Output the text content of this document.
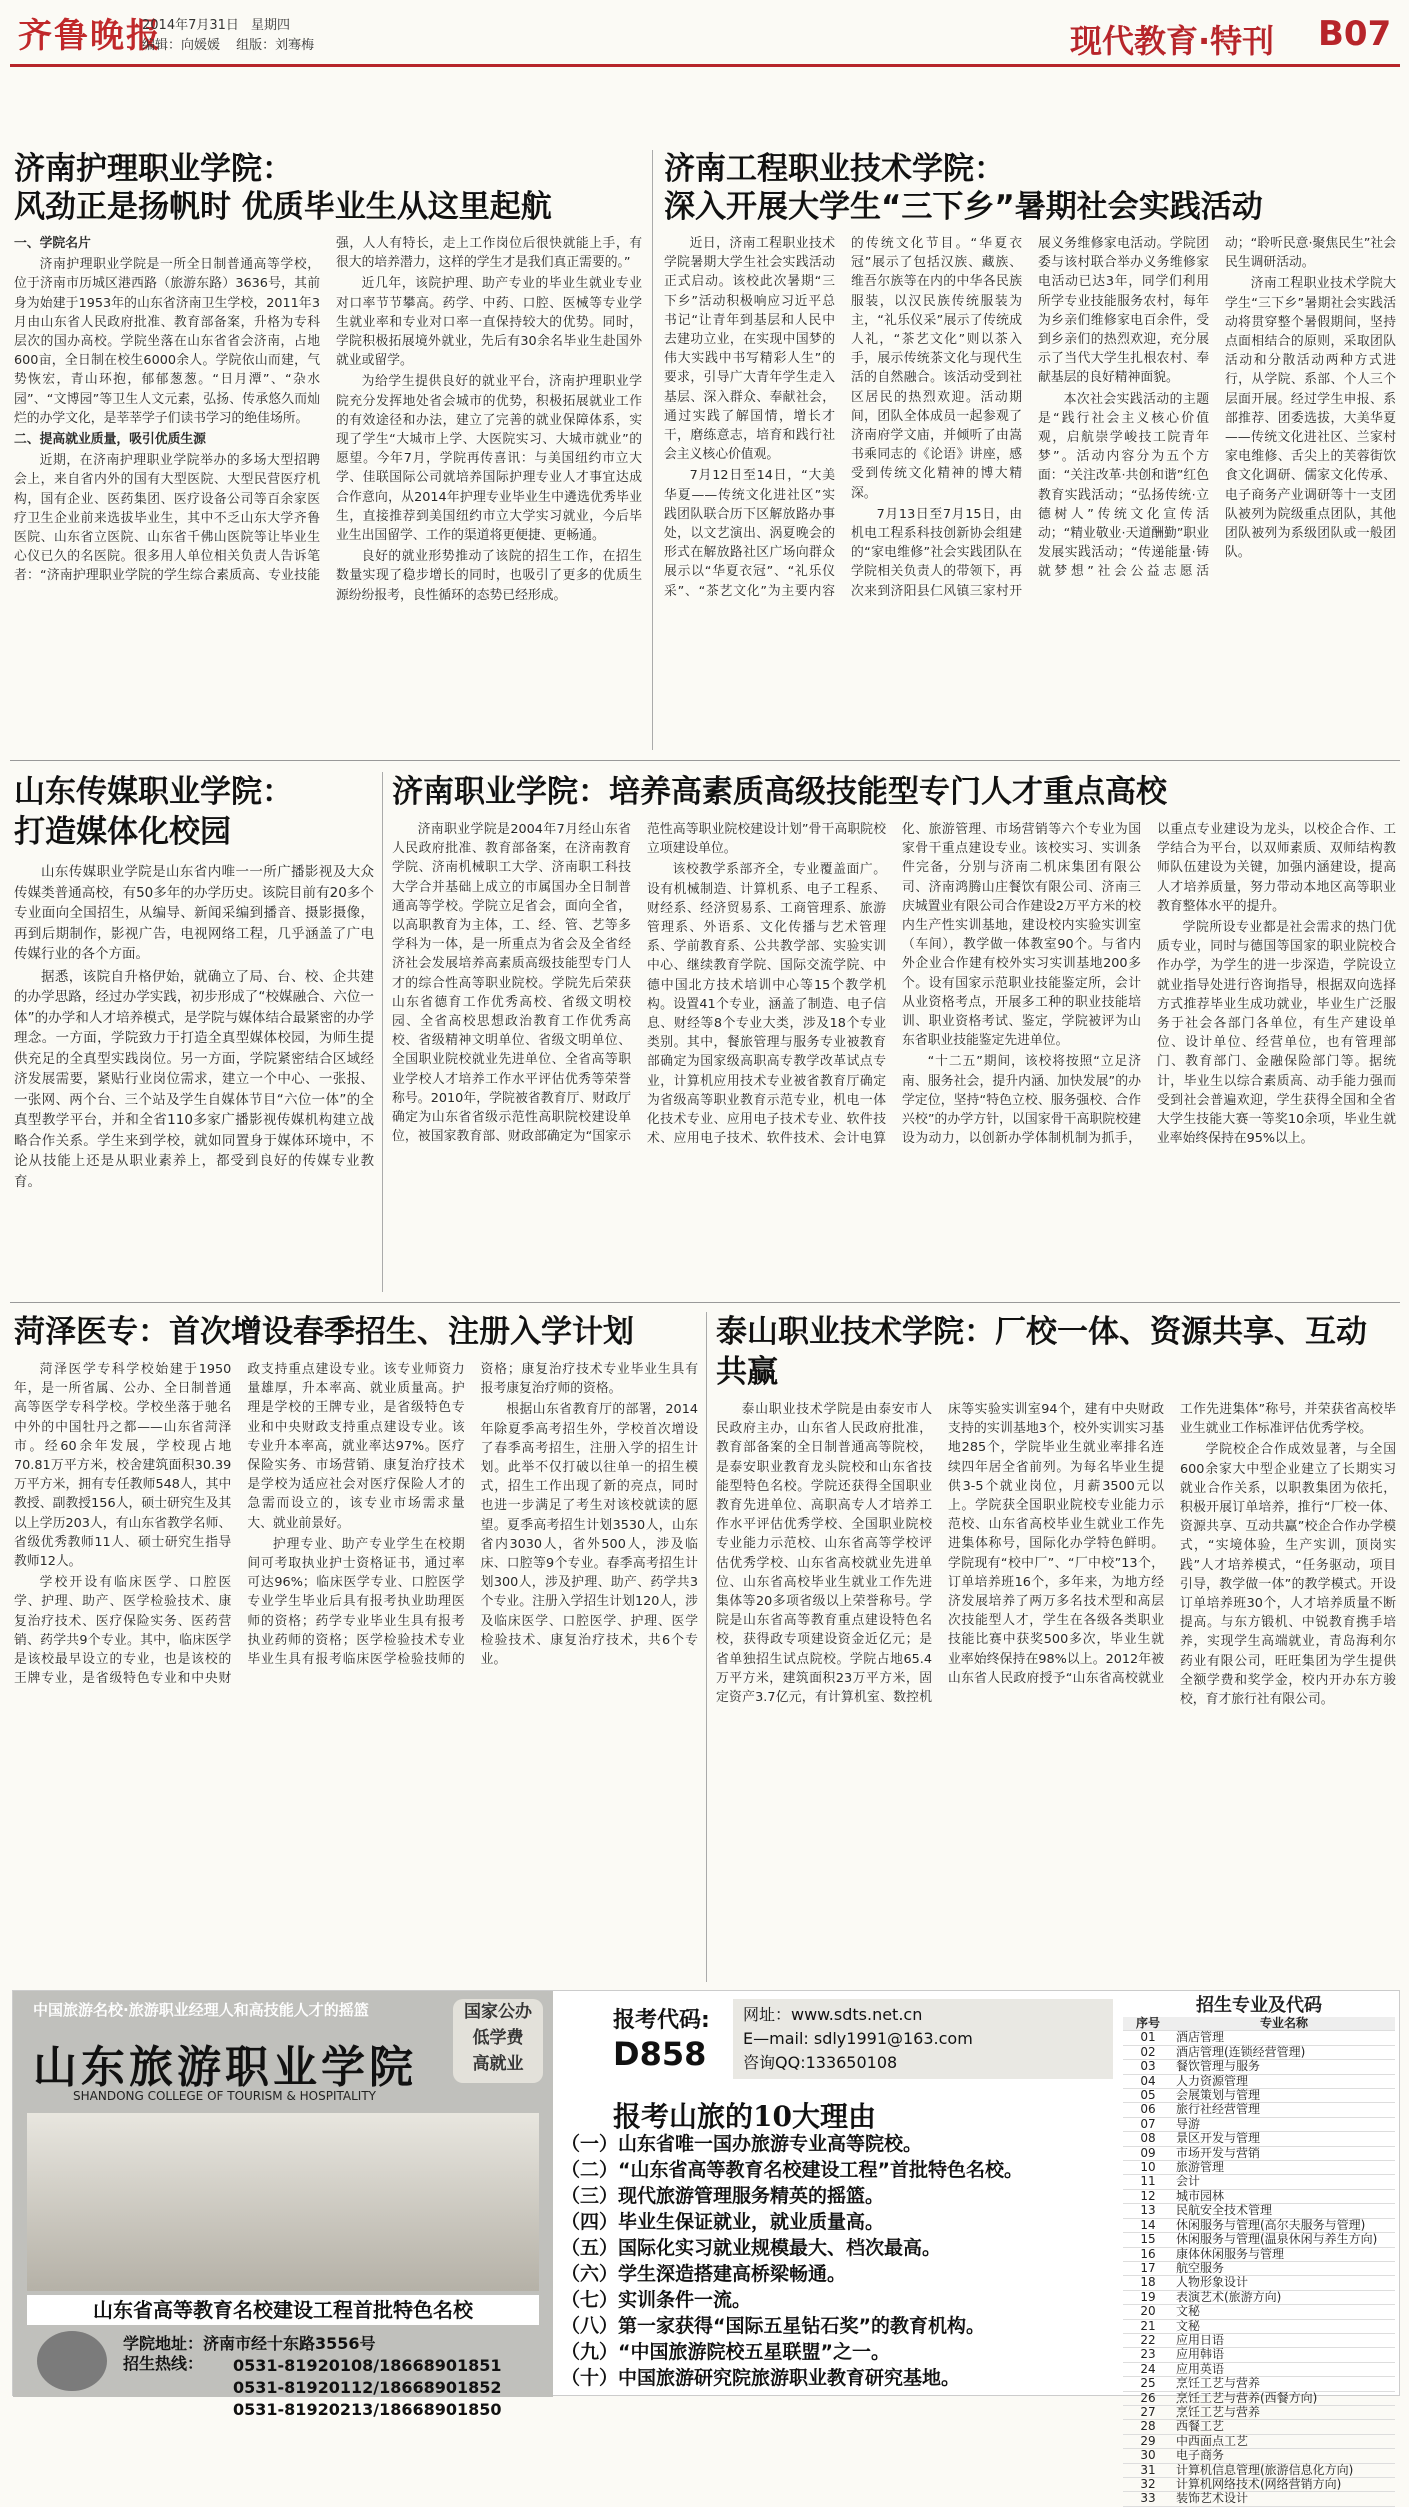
齐鲁晚报
2014年7月31日 星期四
编辑：向媛媛 组版：刘骞梅	现代教育·特刊 B07
济南护理职业学院：
风劲正是扬帆时 优质毕业生从这里起航

一、学院名片

济南护理职业学院是一所全日制普通高等学校，位于济南市历城区港西路（旅游东路）3636号，其前身为始建于1953年的山东省济南卫生学校，2011年3月由山东省人民政府批准、教育部备案，升格为专科层次的国办高校。学院坐落在山东省省会济南，占地600亩，全日制在校生6000余人。学院依山而建，气势恢宏，青山环抱，郁郁葱葱。“日月潭”、“杂水园”、“文博园”等卫生人文元素，弘扬、传承悠久而灿烂的办学文化，是莘莘学子们读书学习的绝佳场所。

二、提高就业质量，吸引优质生源

近期，在济南护理职业学院举办的多场大型招聘会上，来自省内外的国有大型医院、大型民营医疗机构，国有企业、医药集团、医疗设备公司等百余家医疗卫生企业前来选拔毕业生，其中不乏山东大学齐鲁医院、山东省立医院、山东省千佛山医院等让毕业生心仪已久的名医院。很多用人单位相关负责人告诉笔者：“济南护理职业学院的学生综合素质高、专业技能强，人人有特长，走上工作岗位后很快就能上手，有很大的培养潜力，这样的学生才是我们真正需要的。”

近几年，该院护理、助产专业的毕业生就业专业对口率节节攀高。药学、中药、口腔、医械等专业学生就业率和专业对口率一直保持较大的优势。同时，学院积极拓展境外就业，先后有30余名毕业生赴国外就业或留学。

为给学生提供良好的就业平台，济南护理职业学院充分发挥地处省会城市的优势，积极拓展就业工作的有效途径和办法，建立了完善的就业保障体系，实现了学生“大城市上学、大医院实习、大城市就业”的愿望。今年7月，学院再传喜讯：与美国纽约市立大学、佳联国际公司就培养国际护理专业人才事宜达成合作意向，从2014年护理专业毕业生中遴选优秀毕业生，直接推荐到美国纽约市立大学实习就业，今后毕业生出国留学、工作的渠道将更便捷、更畅通。

良好的就业形势推动了该院的招生工作，在招生数量实现了稳步增长的同时，也吸引了更多的优质生源纷纷报考，良性循环的态势已经形成。

济南工程职业技术学院：
深入开展大学生“三下乡”暑期社会实践活动

近日，济南工程职业技术学院暑期大学生社会实践活动正式启动。该校此次暑期“三下乡”活动积极响应习近平总书记“让青年到基层和人民中去建功立业，在实现中国梦的伟大实践中书写精彩人生”的要求，引导广大青年学生走入基层、深入群众、奉献社会，通过实践了解国情，增长才干，磨练意志，培育和践行社会主义核心价值观。

7月12日至14日，“大美华夏——传统文化进社区”实践团队联合历下区解放路办事处，以文艺演出、涡夏晚会的形式在解放路社区广场向群众展示以“华夏衣冠”、“礼乐仪采”、“茶艺文化”为主要内容的传统文化节目。“华夏衣冠”展示了包括汉族、藏族、维吾尔族等在内的中华各民族服装，以汉民族传统服装为主，“礼乐仪采”展示了传统成人礼，“茶艺文化”则以茶入手，展示传统茶文化与现代生活的自然融合。该活动受到社区居民的热烈欢迎。活动期间，团队全体成员一起参观了济南府学文庙，并倾听了由嵩书乘同志的《论语》讲座，感受到传统文化精神的博大精深。

7月13日至7月15日，由机电工程系科技创新协会组建的“家电维修”社会实践团队在学院相关负责人的带领下，再次来到济阳县仁风镇三家村开展义务维修家电活动。学院团委与该村联合举办义务维修家电活动已达3年，同学们利用所学专业技能服务农村，每年为乡亲们维修家电百余件，受到乡亲们的热烈欢迎，充分展示了当代大学生扎根农村、奉献基层的良好精神面貌。

本次社会实践活动的主题是“践行社会主义核心价值观，启航崇学峻技工院青年梦”。活动内容分为五个方面：“关注改革·共创和谐”红色教育实践活动；“弘扬传统·立德树人”传统文化宣传活动；“精业敬业·天道酬勤”职业发展实践活动；“传递能量·铸就梦想”社会公益志愿活动；“聆听民意·聚焦民生”社会民生调研活动。

济南工程职业技术学院大学生“三下乡”暑期社会实践活动将贯穿整个暑假期间，坚持点面相结合的原则，采取团队活动和分散活动两种方式进行，从学院、系部、个人三个层面开展。经过学生申报、系部推荐、团委选拔，大美华夏——传统文化进社区、兰家村家电维修、舌尖上的芙蓉街饮食文化调研、儒家文化传承、电子商务产业调研等十一支团队被列为院级重点团队，其他团队被列为系级团队或一般团队。

山东传媒职业学院：
打造媒体化校园

山东传媒职业学院是山东省内唯一一所广播影视及大众传媒类普通高校，有50多年的办学历史。该院目前有20多个专业面向全国招生，从编导、新闻采编到播音、摄影摄像，再到后期制作，影视广告，电视网络工程，几乎涵盖了广电传媒行业的各个方面。

据悉，该院自升格伊始，就确立了局、台、校、企共建的办学思路，经过办学实践，初步形成了“校媒融合、六位一体”的办学和人才培养模式，是学院与媒体结合最紧密的办学理念。一方面，学院致力于打造全真型媒体校园，为师生提供充足的全真型实践岗位。另一方面，学院紧密结合区域经济发展需要，紧贴行业岗位需求，建立一个中心、一张报、一张网、两个台、三个站及学生自媒体节目“六位一体”的全真型教学平台，并和全省110多家广播影视传媒机构建立战略合作关系。学生来到学校，就如同置身于媒体环境中，不论从技能上还是从职业素养上，都受到良好的传媒专业教育。

济南职业学院：培养高素质高级技能型专门人才重点高校

济南职业学院是2004年7月经山东省人民政府批准、教育部备案，在济南教育学院、济南机械职工大学、济南职工科技大学合并基础上成立的市属国办全日制普通高等学校。学院立足省会，面向全省，以高职教育为主体，工、经、管、艺等多学科为一体，是一所重点为省会及全省经济社会发展培养高素质高级技能型专门人才的综合性高等职业院校。学院先后荣获山东省德育工作优秀高校、省级文明校园、全省高校思想政治教育工作优秀高校、省级精神文明单位、省级文明单位、全国职业院校就业先进单位、全省高等职业学校人才培养工作水平评估优秀等荣誉称号。2010年，学院被省教育厅、财政厅确定为山东省省级示范性高职院校建设单位，被国家教育部、财政部确定为“国家示范性高等职业院校建设计划”骨干高职院校立项建设单位。

该校教学系部齐全，专业覆盖面广。设有机械制造、计算机系、电子工程系、财经系、经济贸易系、工商管理系、旅游管理系、外语系、文化传播与艺术管理系、学前教育系、公共教学部、实验实训中心、继续教育学院、国际交流学院、中德中国北方技术培训中心等15个教学机构。设置41个专业，涵盖了制造、电子信息、财经等8个专业大类，涉及18个专业类别。其中，餐旅管理与服务专业被教育部确定为国家级高职高专教学改革试点专业，计算机应用技术专业被省教育厅确定为省级高等职业教育示范专业，机电一体化技术专业、应用电子技术专业、软件技术、应用电子技术、软件技术、会计电算化、旅游管理、市场营销等六个专业为国家骨干重点建设专业。该校实习、实训条件完备，分别与济南二机床集团有限公司、济南鸿腾山庄餐饮有限公司、济南三庆城置业有限公司合作建设2万平方米的校内生产性实训基地，建设校内实验实训室（车间），教学做一体教室90个。与省内外企业合作建有校外实习实训基地200多个。设有国家示范职业技能鉴定所，会计从业资格考点，开展多工种的职业技能培训、职业资格考试、鉴定，学院被评为山东省职业技能鉴定先进单位。

“十二五”期间，该校将按照“立足济南、服务社会，提升内涵、加快发展”的办学定位，坚持“特色立校、服务强校、合作兴校”的办学方针，以国家骨干高职院校建设为动力，以创新办学体制机制为抓手，以重点专业建设为龙头，以校企合作、工学结合为平台，以双师素质、双师结构教师队伍建设为关键，加强内涵建设，提高人才培养质量，努力带动本地区高等职业教育整体水平的提升。

学院所设专业都是社会需求的热门优质专业，同时与德国等国家的职业院校合作办学，为学生的进一步深造，学院设立就业指导处进行咨询指导，根据双向选择方式推荐毕业生成功就业，毕业生广泛服务于社会各部门各单位，有生产建设单位、设计单位、经营单位，也有管理部门、教育部门、金融保险部门等。据统计，毕业生以综合素质高、动手能力强而受到社会普遍欢迎，学生获得全国和全省大学生技能大赛一等奖10余项，毕业生就业率始终保持在95%以上。

菏泽医专：首次增设春季招生、注册入学计划

菏泽医学专科学校始建于1950年，是一所省属、公办、全日制普通高等医学专科学校。学校坐落于驰名中外的中国牡丹之都——山东省菏泽市。经60余年发展，学校现占地70.81万平方米，校舍建筑面积30.39万平方米，拥有专任教师548人，其中教授、副教授156人，硕士研究生及其以上学历203人，有山东省教学名师、省级优秀教师11人、硕士研究生指导教师12人。

学校开设有临床医学、口腔医学、护理、助产、医学检验技术、康复治疗技术、医疗保险实务、医药营销、药学共9个专业。其中，临床医学是该校最早设立的专业，也是该校的王牌专业，是省级特色专业和中央财政支持重点建设专业。该专业师资力量雄厚，升本率高、就业质量高。护理是学校的王牌专业，是省级特色专业和中央财政支持重点建设专业。该专业升本率高，就业率达97%。医疗保险实务、市场营销、康复治疗技术是学校为适应社会对医疗保险人才的急需而设立的，该专业市场需求量大、就业前景好。

护理专业、助产专业学生在校期间可考取执业护士资格证书，通过率可达96%；临床医学专业、口腔医学专业学生毕业后具有报考执业助理医师的资格；药学专业毕业生具有报考执业药师的资格；医学检验技术专业毕业生具有报考临床医学检验技师的资格；康复治疗技术专业毕业生具有报考康复治疗师的资格。

根据山东省教育厅的部署，2014年除夏季高考招生外，学校首次增设了春季高考招生，注册入学的招生计划。此举不仅打破以往单一的招生模式，招生工作出现了新的亮点，同时也进一步满足了考生对该校就读的愿望。夏季高考招生计划3530人，山东省内3030人，省外500人，涉及临床、口腔等9个专业。春季高考招生计划300人，涉及护理、助产、药学共3个专业。注册入学招生计划120人，涉及临床医学、口腔医学、护理、医学检验技术、康复治疗技术，共6个专业。

泰山职业技术学院：厂校一体、资源共享、互动共赢

泰山职业技术学院是由泰安市人民政府主办，山东省人民政府批准，教育部备案的全日制普通高等院校，是泰安职业教育龙头院校和山东省技能型特色名校。学院还获得全国职业教育先进单位、高职高专人才培养工作水平评估优秀学校、全国职业院校专业能力示范校、山东省高等学校评估优秀学校、山东省高校就业先进单位、山东省高校毕业生就业工作先进集体等20多项省级以上荣誉称号。学院是山东省高等教育重点建设特色名校，获得政专项建设资金近亿元；是省单独招生试点院校。学院占地65.4万平方米，建筑面积23万平方米，固定资产3.7亿元，有计算机室、数控机床等实验实训室94个，建有中央财政支持的实训基地3个，校外实训实习基地285个，学院毕业生就业率排名连续四年居全省前列。为每名毕业生提供3-5个就业岗位，月薪3500元以上。学院获全国职业院校专业能力示范校、山东省高校毕业生就业工作先进集体称号，国际化办学特色鲜明。学院现有“校中厂”、“厂中校”13个，订单培养班16个，多年来，为地方经济发展培养了两万多名技术型和高层次技能型人才，学生在各级各类职业技能比赛中获奖500多次，毕业生就业率始终保持在98%以上。2012年被山东省人民政府授予“山东省高校就业工作先进集体”称号，并荣获省高校毕业生就业工作标准评估优秀学校。

学院校企合作成效显著，与全国600余家大中型企业建立了长期实习就业合作关系，以职教集团为依托，积极开展订单培养，推行“厂校一体、资源共享、互动共赢”校企合作办学模式，“实境体验，生产实训，顶岗实践”人才培养模式，“任务驱动，项目引导，教学做一体”的教学模式。开设订单培养班30个，人才培养质量不断提高。与东方锻机、中锐教育携手培养，实现学生高端就业，青岛海利尔药业有限公司，旺旺集团为学生提供全额学费和奖学金，校内开办东方骏校，育才旅行社有限公司。

中国旅游名校·旅游职业经理人和高技能人才的摇篮
山东旅游职业学院
SHANDONG COLLEGE OF TOURISM & HOSPITALITY
山东省高等教育名校建设工程首批特色名校
学院地址：济南市经十东路3556号
招生热线： 0531-81920108/18668901851
0531-81920112/18668901852
0531-81920213/18668901850
国家公办
低学费
高就业
报考代码:
D858
网址：www.sdts.net.cn
E—mail: sdly1991@163.com
咨询QQ:133650108
报考山旅的10大理由
（一）山东省唯一国办旅游专业高等院校。
（二）“山东省高等教育名校建设工程”首批特色名校。
（三）现代旅游管理服务精英的摇篮。
（四）毕业生保证就业，就业质量高。
（五）国际化实习就业规模最大、档次最高。
（六）学生深造搭建高桥梁畅通。
（七）实训条件一流。
（八）第一家获得“国际五星钻石奖”的教育机构。
（九）“中国旅游院校五星联盟”之一。
（十）中国旅游研究院旅游职业教育研究基地。
招生专业及代码
序号	专业名称
01	酒店管理
02	酒店管理(连锁经营管理)
03	餐饮管理与服务
04	人力资源管理
05	会展策划与管理
06	旅行社经营管理
07	导游
08	景区开发与管理
09	市场开发与营销
10	旅游管理
11	会计
12	城市园林
13	民航安全技术管理
14	休闲服务与管理(高尔夫服务与管理)
15	休闲服务与管理(温泉休闲与养生方向)
16	康体休闲服务与管理
17	航空服务
18	人物形象设计
19	表演艺术(旅游方向)
20	文秘
21	文秘
22	应用日语
23	应用韩语
24	应用英语
25	烹饪工艺与营养
26	烹饪工艺与营养(西餐方向)
27	烹饪工艺与营养
28	西餐工艺
29	中西面点工艺
30	电子商务
31	计算机信息管理(旅游信息化方向)
32	计算机网络技术(网络营销方向)
33	装饰艺术设计
